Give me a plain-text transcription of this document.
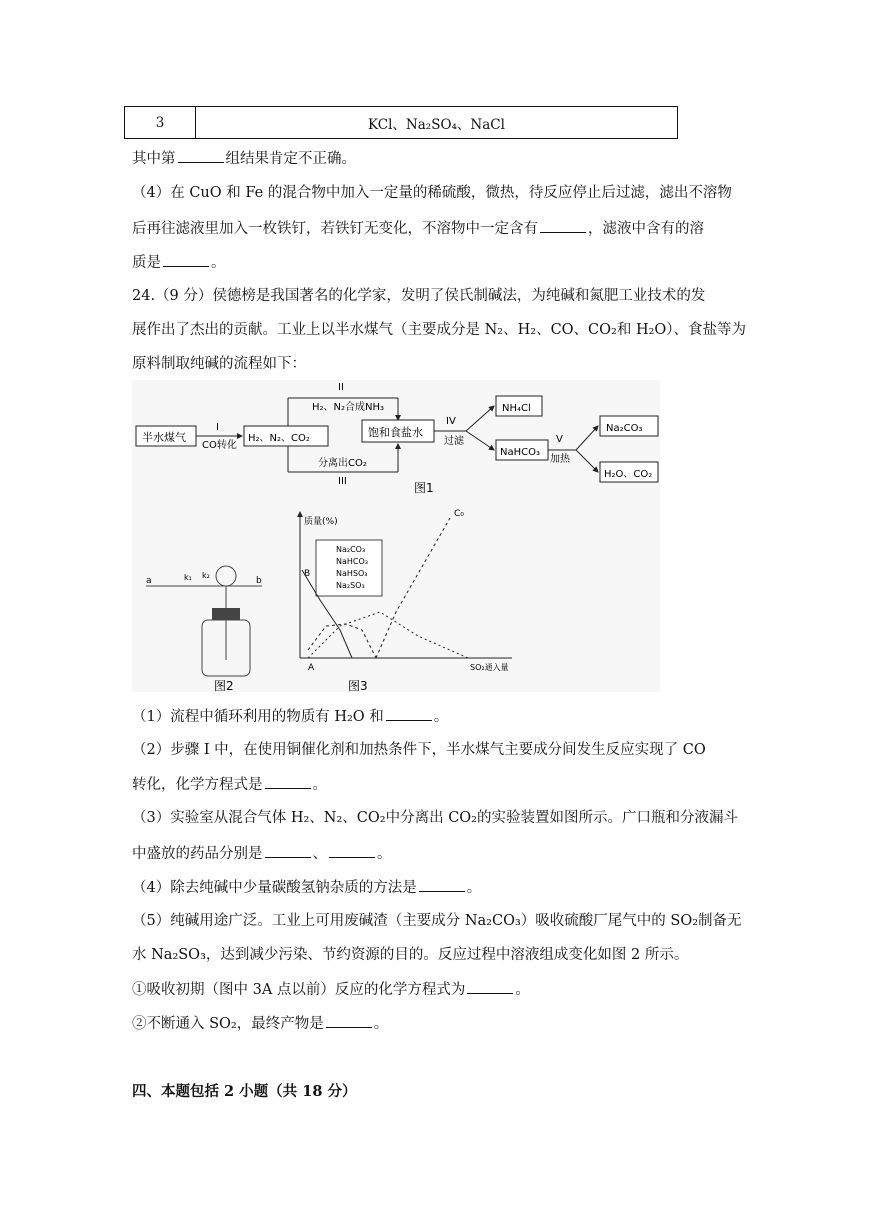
3	KCl、Na₂SO₄、NaCl
其中第	组结果肯定不正确。
（4）在 CuO 和 Fe 的混合物中加入一定量的稀硫酸，微热，待反应停止后过滤，滤出不溶物
后再往滤液里加入一枚铁钉，若铁钉无变化，不溶物中一定含有	，滤液中含有的溶
质是	。
24.（9 分）侯德榜是我国著名的化学家，发明了侯氏制碱法，为纯碱和氮肥工业技术的发
展作出了杰出的贡献。工业上以半水煤气（主要成分是 N₂、H₂、CO、CO₂和 H₂O）、食盐等为
原料制取纯碱的流程如下：
半水煤气
I
CO转化
H₂、N₂、CO₂
II
H₂、N₂合成NH₃
分离出CO₂
III
饱和食盐水
IV
过滤
NH₄Cl
NaHCO₃
V
加热
Na₂CO₃
H₂O、CO₂
图1
a	b
k₁ k₂
图2
质量(%)
SO₂通入量
Na₂CO₃
NaHCO₃
NaHSO₃
Na₂SO₃
B
A
C₀
图3
（1）流程中循环利用的物质有 H₂O 和	。
（2）步骤 I 中，在使用铜催化剂和加热条件下，半水煤气主要成分间发生反应实现了 CO
转化，化学方程式是	。
（3）实验室从混合气体 H₂、N₂、CO₂中分离出 CO₂的实验装置如图所示。广口瓶和分液漏斗
中盛放的药品分别是	、	。
（4）除去纯碱中少量碳酸氢钠杂质的方法是	。
（5）纯碱用途广泛。工业上可用废碱渣（主要成分 Na₂CO₃）吸收硫酸厂尾气中的 SO₂制备无
水 Na₂SO₃，达到减少污染、节约资源的目的。反应过程中溶液组成变化如图 2 所示。
①吸收初期（图中 3A 点以前）反应的化学方程式为	。
②不断通入 SO₂，最终产物是	。
四、本题包括 2 小题（共 18 分）
